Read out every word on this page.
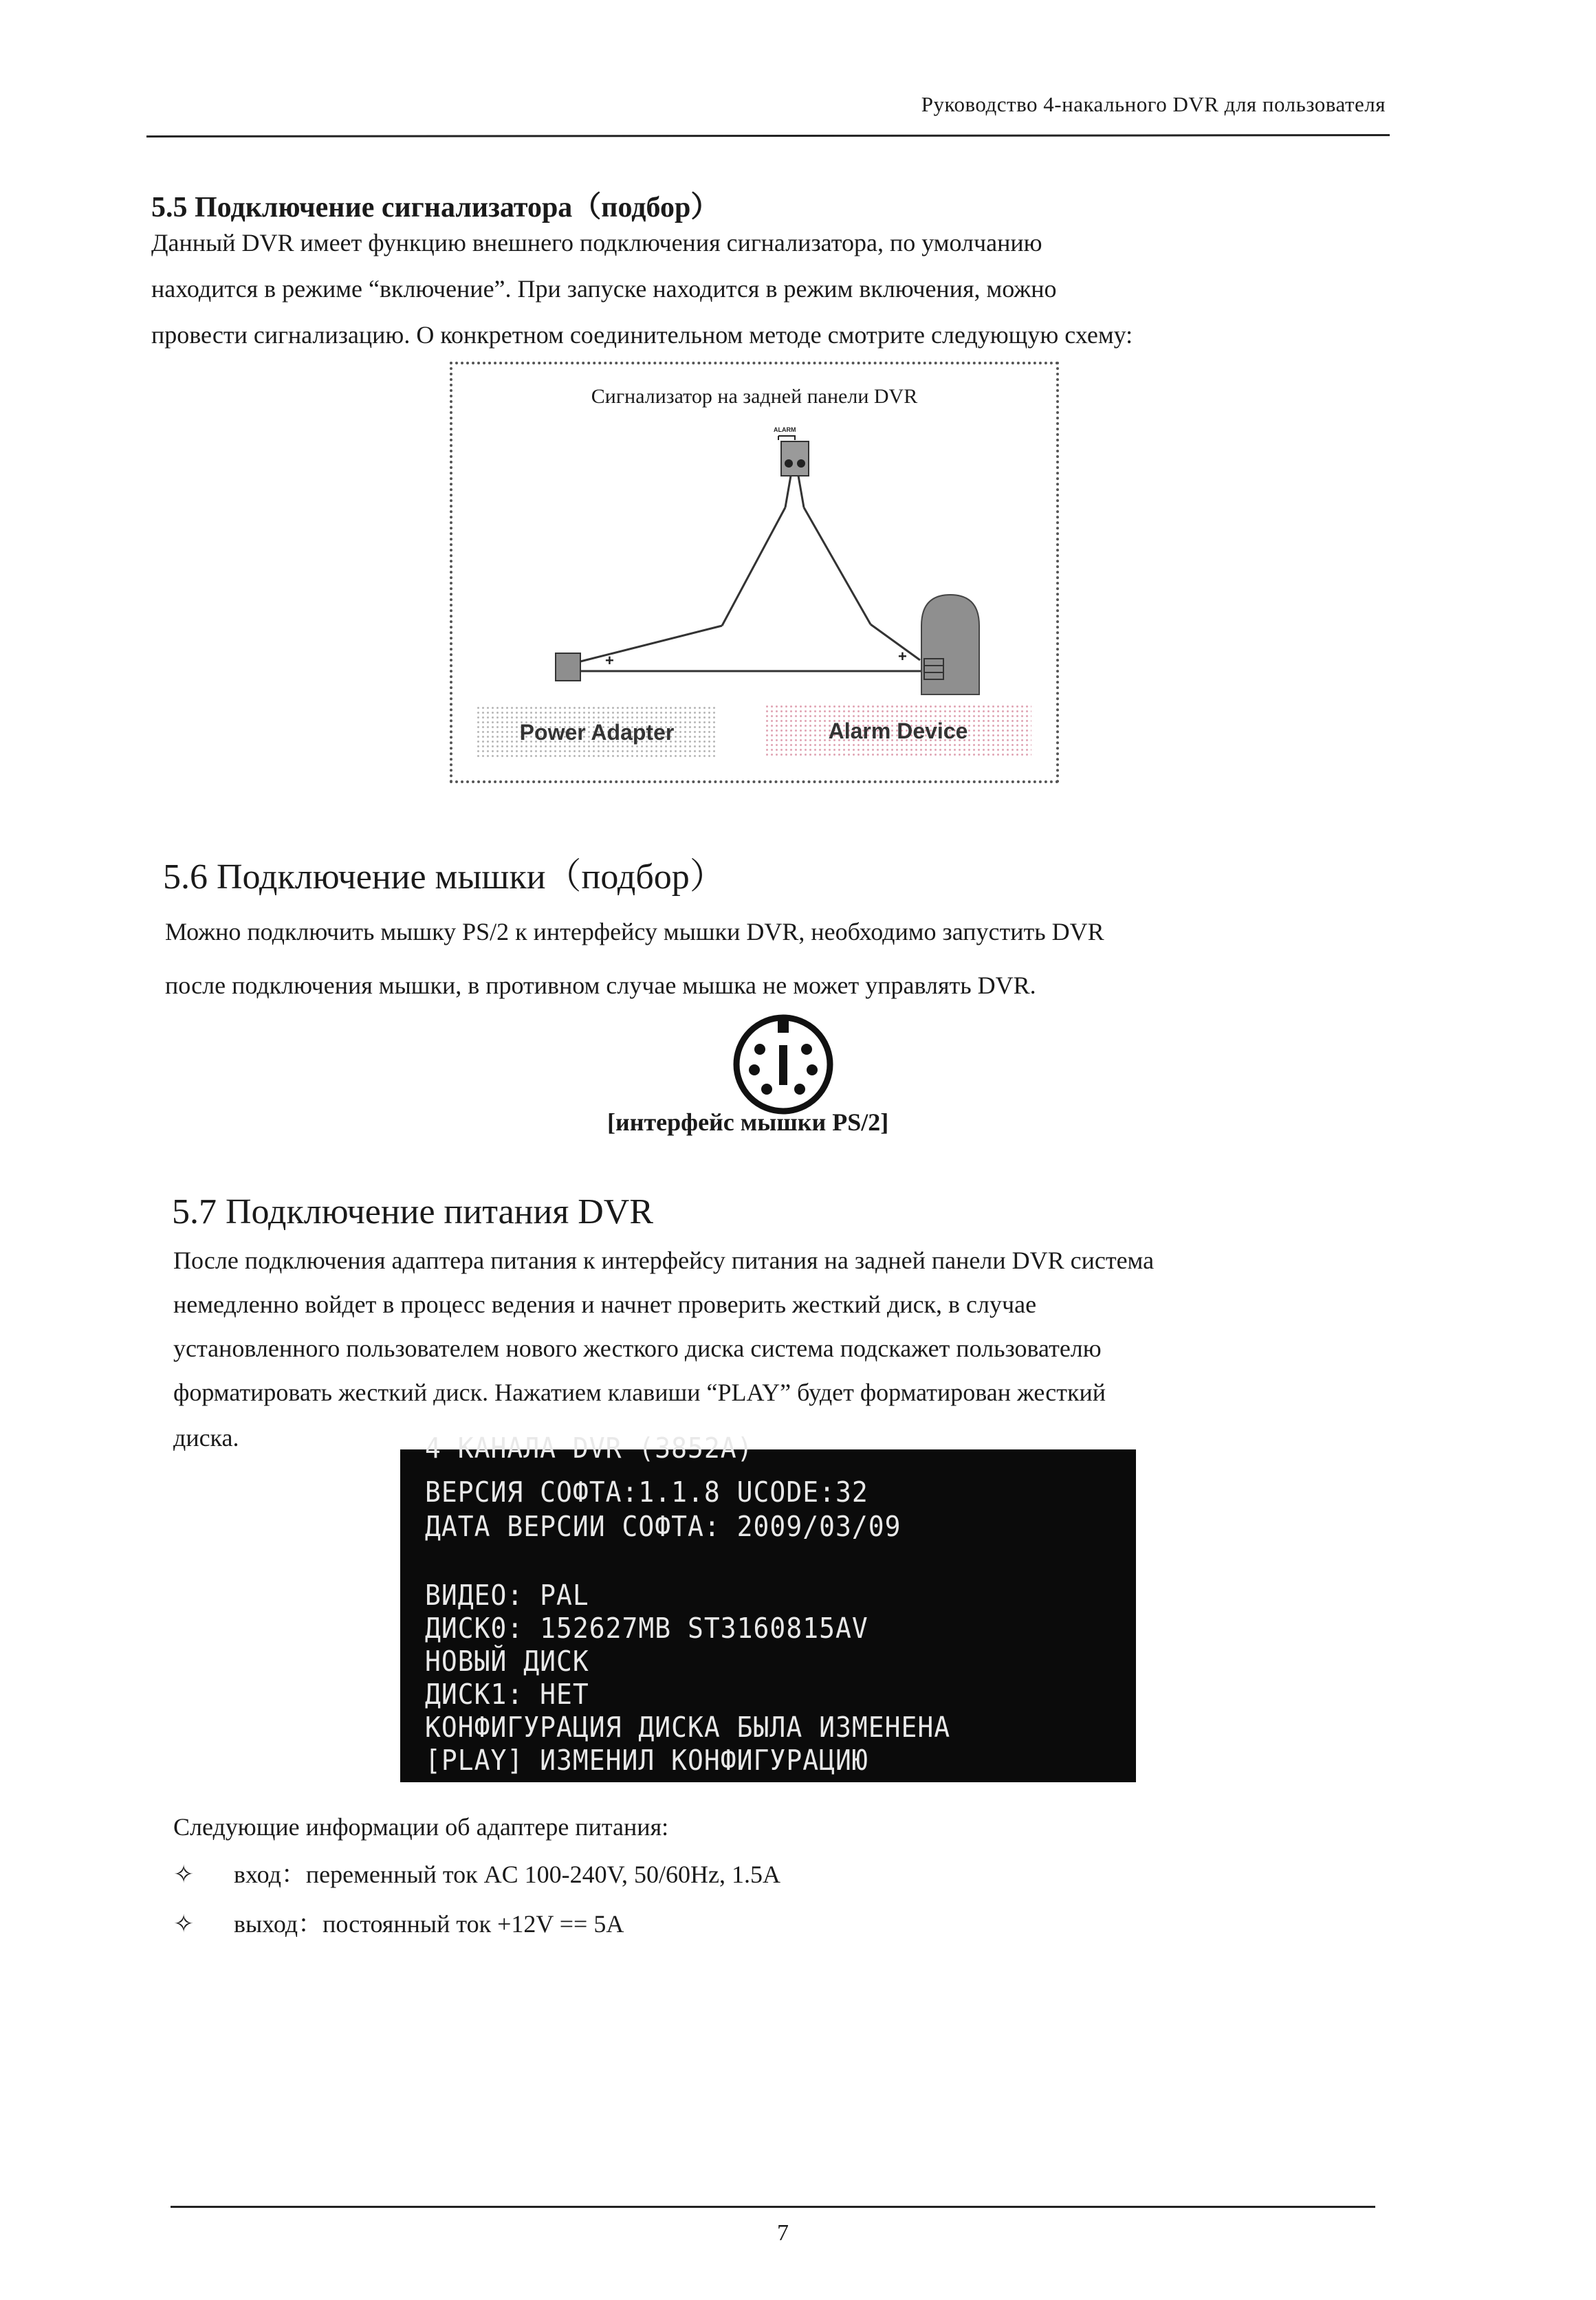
Руководство 4-накального DVR для пользователя
5.5 Подключение сигнализатора（подбор）
Данный DVR имеет функцию внешнего подключения сигнализатора, по умолчанию
находится в режиме “включение”. При запуске находится в режим включения, можно
провести сигнализацию. О конкретном соединительном методе смотрите следующую схему:
Сигнализатор на задней панели DVR
ALARM
+	+
Power Adapter	Alarm Device
5.6 Подключение мышки（подбор）
Можно подключить мышку PS/2 к интерфейсу мышки DVR, необходимо запустить DVR
после подключения мышки, в противном случае мышка не может управлять DVR.
[интерфейс мышки PS/2]
5.7 Подключение питания DVR
После подключения адаптера питания к интерфейсу питания на задней панели DVR система
немедленно войдет в процесс ведения и начнет проверить жесткий диск, в случае
установленного пользователем нового жесткого диска система подскажет пользователю
форматировать жесткий диск. Нажатием клавиши “PLAY” будет форматирован жесткий
диска.	4 КАНАЛА DVR (3852A)
ВЕРСИЯ СОФТА:1.1.8 UCODE:32
ДАТА ВЕРСИИ СОФТА: 2009/03/09
ВИДЕО: PAL
ДИСК0: 152627MB ST3160815AV
НОВЫЙ ДИСК
ДИСК1: НЕТ
КОНФИГУРАЦИЯ ДИСКА БЫЛА ИЗМЕНЕНА
[PLAY] ИЗМЕНИЛ КОНФИГУРАЦИЮ
Следующие информации об адаптере питания:
✧ вход：переменный ток AC 100-240V, 50/60Hz, 1.5A
✧ выход：постоянный ток +12V == 5A
7
